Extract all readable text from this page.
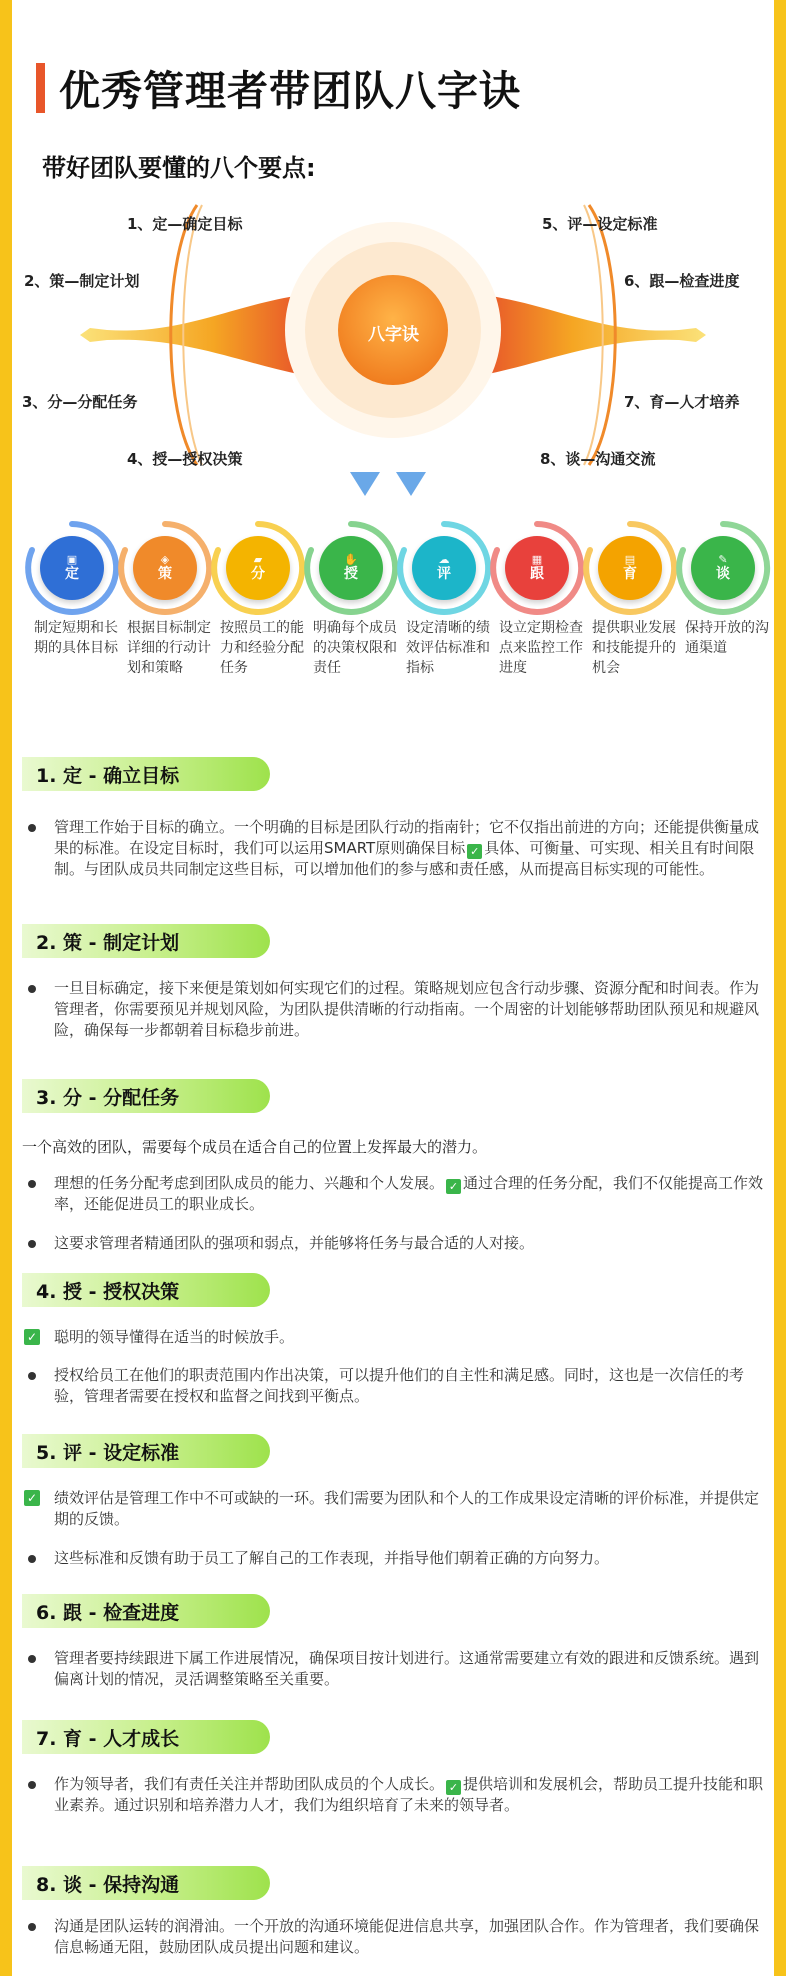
优秀管理者带团队八字诀
带好团队要懂的八个要点:
八字诀
1、定—确定目标
2、策—制定计划
3、分—分配任务
4、授—授权决策
5、评—设定标准
6、跟—检查进度
7、育—人才培养
8、谈—沟通交流
▣
定
◈
策
▰
分
✋
授
☁
评
▦
跟
▤
育
✎
谈
制定短期和长期的具体目标
根据目标制定详细的行动计划和策略
按照员工的能力和经验分配任务
明确每个成员的决策权限和责任
设定清晰的绩效评估标准和指标
设立定期检查点来监控工作进度
提供职业发展和技能提升的机会
保持开放的沟通渠道
1. 定 - 确立目标
管理工作始于目标的确立。一个明确的目标是团队行动的指南针；它不仅指出前进的方向；还能提供衡量成果的标准。在设定目标时，我们可以运用SMART原则确保目标 ✓ 具体、可衡量、可实现、相关且有时间限制。与团队成员共同制定这些目标，可以增加他们的参与感和责任感，从而提高目标实现的可能性。
2. 策 - 制定计划
一旦目标确定，接下来便是策划如何实现它们的过程。策略规划应包含行动步骤、资源分配和时间表。作为管理者，你需要预见并规划风险，为团队提供清晰的行动指南。一个周密的计划能够帮助团队预见和规避风险，确保每一步都朝着目标稳步前进。
3. 分 - 分配任务
一个高效的团队，需要每个成员在适合自己的位置上发挥最大的潜力。
理想的任务分配考虑到团队成员的能力、兴趣和个人发展。 ✓ 通过合理的任务分配，我们不仅能提高工作效率，还能促进员工的职业成长。
这要求管理者精通团队的强项和弱点，并能够将任务与最合适的人对接。
4. 授 - 授权决策
✓ 聪明的领导懂得在适当的时候放手。
授权给员工在他们的职责范围内作出决策，可以提升他们的自主性和满足感。同时，这也是一次信任的考验，管理者需要在授权和监督之间找到平衡点。
5. 评 - 设定标准
✓ 绩效评估是管理工作中不可或缺的一环。我们需要为团队和个人的工作成果设定清晰的评价标准，并提供定期的反馈。
这些标准和反馈有助于员工了解自己的工作表现，并指导他们朝着正确的方向努力。
6. 跟 - 检查进度
管理者要持续跟进下属工作进展情况，确保项目按计划进行。这通常需要建立有效的跟进和反馈系统。遇到偏离计划的情况，灵活调整策略至关重要。
7. 育 - 人才成长
作为领导者，我们有责任关注并帮助团队成员的个人成长。 ✓ 提供培训和发展机会，帮助员工提升技能和职业素养。通过识别和培养潜力人才，我们为组织培育了未来的领导者。
8. 谈 - 保持沟通
沟通是团队运转的润滑油。一个开放的沟通环境能促进信息共享，加强团队合作。作为管理者，我们要确保信息畅通无阻，鼓励团队成员提出问题和建议。
